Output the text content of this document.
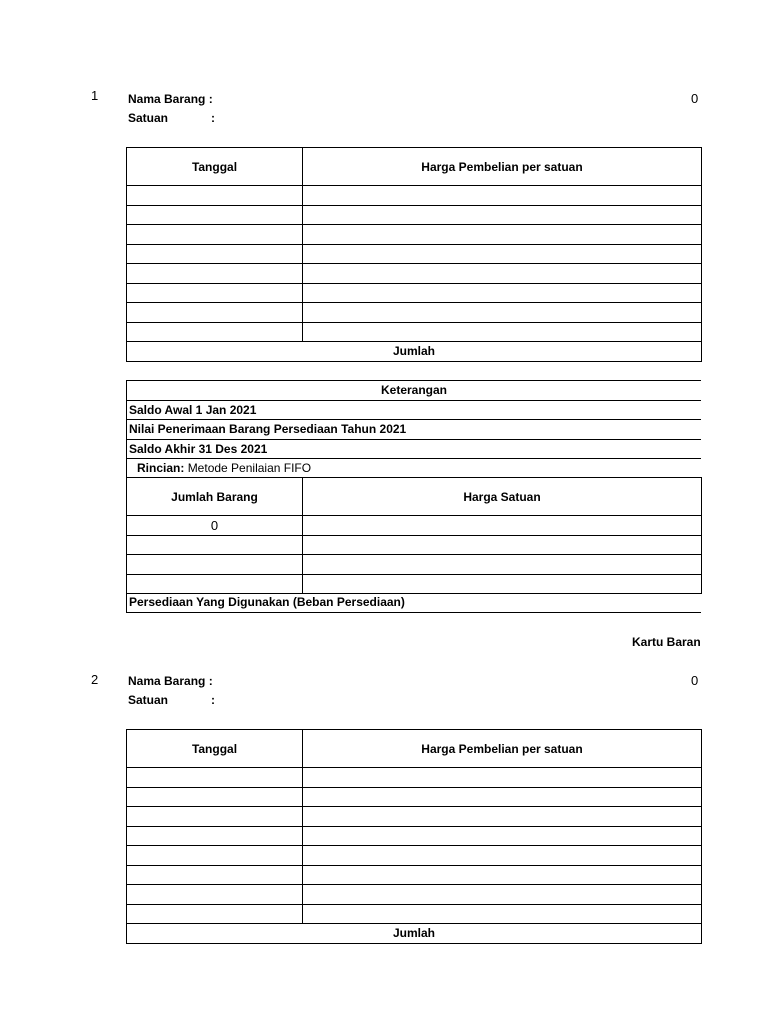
1 Nama Barang :
Satuan	:
0
Tanggal	Harga Pembelian per satuan

Jumlah	
Keterangan
Saldo Awal 1 Jan 2021
Nilai Penerimaan Barang Persediaan Tahun 2021
Saldo Akhir 31 Des 2021
Rincian: Metode Penilaian FIFO
Jumlah Barang	Harga Satuan
0	

Persediaan Yang Digunakan (Beban Persediaan)
Kartu Baran
2 Nama Barang :
Satuan	:
0
Tanggal	Harga Pembelian per satuan

Jumlah	
